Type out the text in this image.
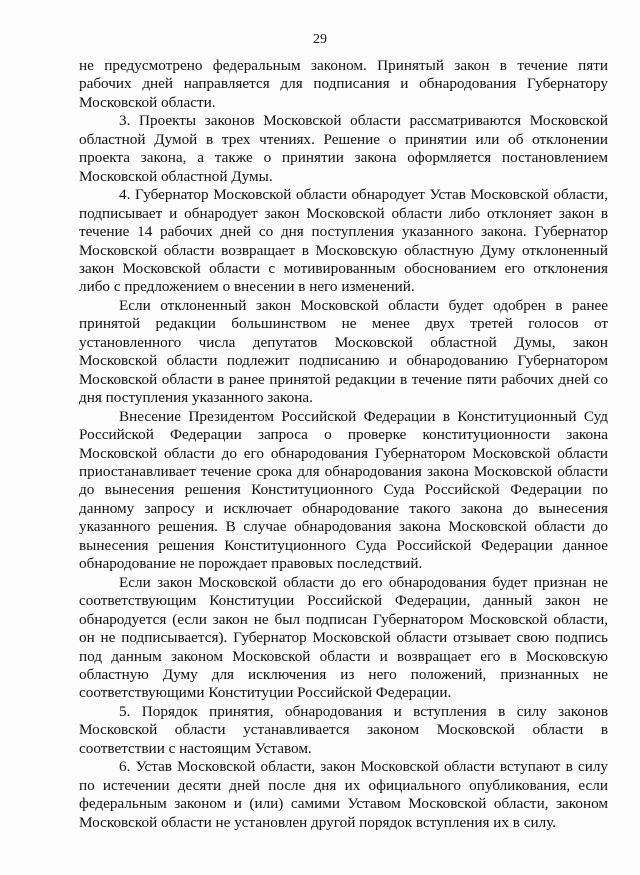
29

не предусмотрено федеральным законом. Принятый закон в течение пяти рабочих дней направляется для подписания и обнародования Губернатору Московской области.

3. Проекты законов Московской области рассматриваются Московской областной Думой в трех чтениях. Решение о принятии или об отклонении проекта закона, а также о принятии закона оформляется постановлением Московской областной Думы.

4. Губернатор Московской области обнародует Устав Московской области, подписывает и обнародует закон Московской области либо отклоняет закон в течение 14 рабочих дней со дня поступления указанного закона. Губернатор Московской области возвращает в Московскую областную Думу отклоненный закон Московской области с мотивированным обоснованием его отклонения либо с предложением о внесении в него изменений.

Если отклоненный закон Московской области будет одобрен в ранее принятой редакции большинством не менее двух третей голосов от установленного числа депутатов Московской областной Думы, закон Московской области подлежит подписанию и обнародованию Губернатором Московской области в ранее принятой редакции в течение пяти рабочих дней со дня поступления указанного закона.

Внесение Президентом Российской Федерации в Конституционный Суд Российской Федерации запроса о проверке конституционности закона Московской области до его обнародования Губернатором Московской области приостанавливает течение срока для обнародования закона Московской области до вынесения решения Конституционного Суда Российской Федерации по данному запросу и исключает обнародование такого закона до вынесения указанного решения. В случае обнародования закона Московской области до вынесения решения Конституционного Суда Российской Федерации данное обнародование не порождает правовых последствий.

Если закон Московской области до его обнародования будет признан не соответствующим Конституции Российской Федерации, данный закон не обнародуется (если закон не был подписан Губернатором Московской области, он не подписывается). Губернатор Московской области отзывает свою подпись под данным законом Московской области и возвращает его в Московскую областную Думу для исключения из него положений, признанных не соответствующими Конституции Российской Федерации.

5. Порядок принятия, обнародования и вступления в силу законов Московской области устанавливается законом Московской области в соответствии с настоящим Уставом.

6. Устав Московской области, закон Московской области вступают в силу по истечении десяти дней после дня их официального опубликования, если федеральным законом и (или) самими Уставом Московской области, законом Московской области не установлен другой порядок вступления их в силу.
